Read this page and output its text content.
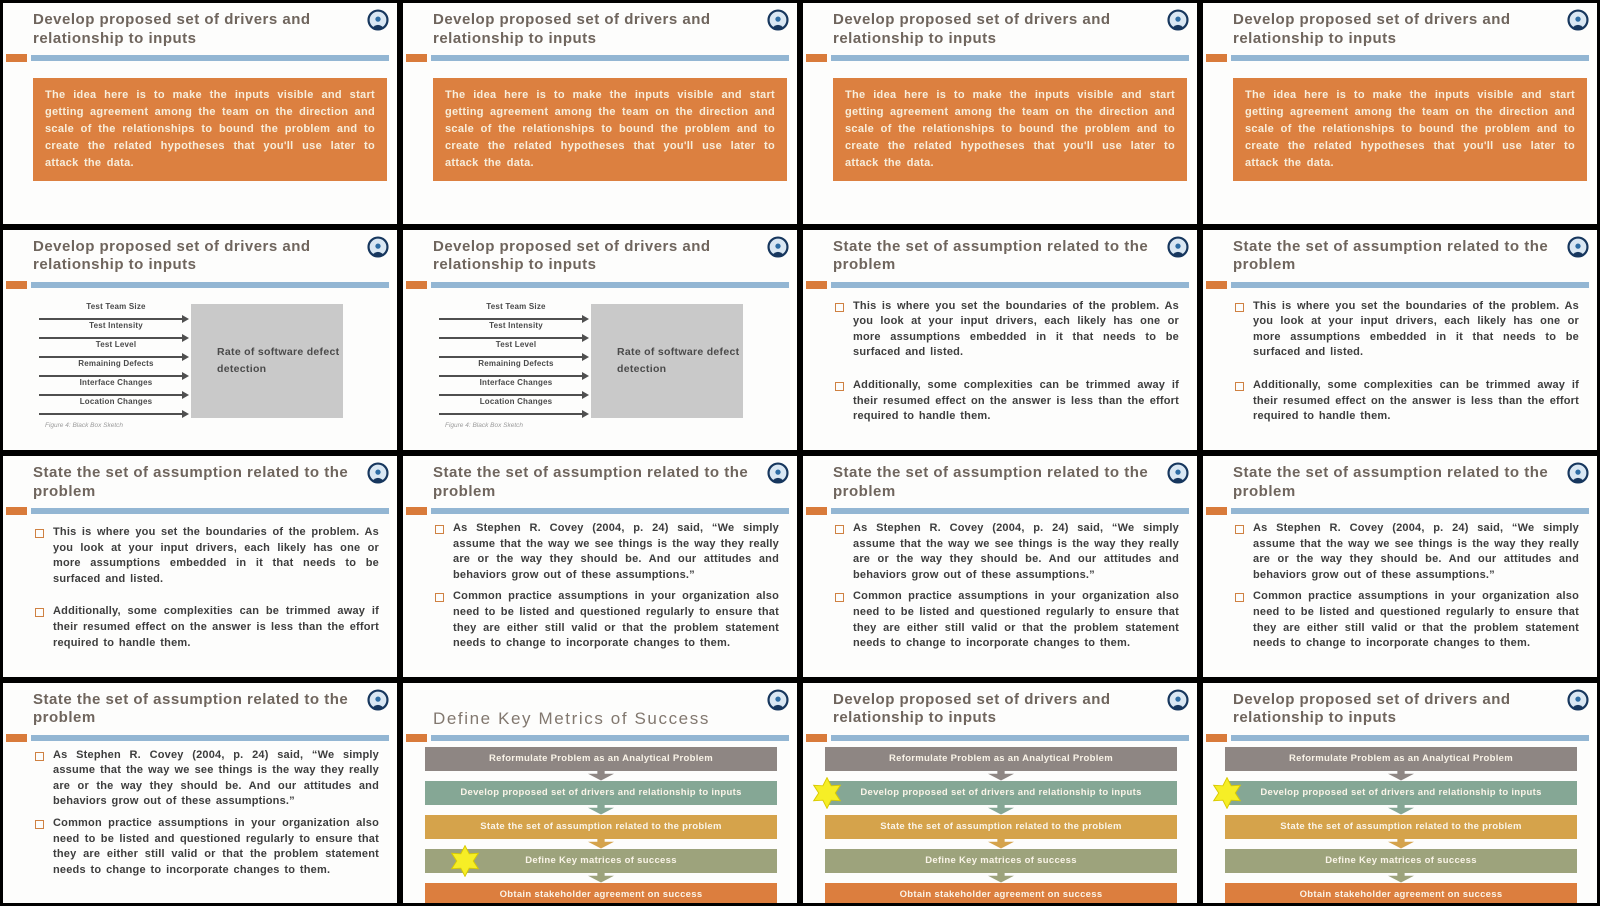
Develop proposed set of drivers and relationship to inputs

The idea here is to make the inputs visible and start getting agreement among the team on the direction and scale of the relationships to bound the problem and to create the related hypotheses that you'll use later to attack the data.

Develop proposed set of drivers and relationship to inputs

The idea here is to make the inputs visible and start getting agreement among the team on the direction and scale of the relationships to bound the problem and to create the related hypotheses that you'll use later to attack the data.

Develop proposed set of drivers and relationship to inputs

The idea here is to make the inputs visible and start getting agreement among the team on the direction and scale of the relationships to bound the problem and to create the related hypotheses that you'll use later to attack the data.

Develop proposed set of drivers and relationship to inputs

The idea here is to make the inputs visible and start getting agreement among the team on the direction and scale of the relationships to bound the problem and to create the related hypotheses that you'll use later to attack the data.

Develop proposed set of drivers and relationship to inputs
Test Team Size
Test Intensity
Test Level
Remaining Defects
Interface Changes
Location Changes
Rate of software defect detection
Figure 4: Black Box Sketch
Develop proposed set of drivers and relationship to inputs
Test Team Size
Test Intensity
Test Level
Remaining Defects
Interface Changes
Location Changes
Rate of software defect detection
Figure 4: Black Box Sketch
State the set of assumption related to the problem

This is where you set the boundaries of the problem. As you look at your input drivers, each likely has one or more assumptions embedded in it that needs to be surfaced and listed.

Additionally, some complexities can be trimmed away if their resumed effect on the answer is less than the effort required to handle them.

State the set of assumption related to the problem

This is where you set the boundaries of the problem. As you look at your input drivers, each likely has one or more assumptions embedded in it that needs to be surfaced and listed.

Additionally, some complexities can be trimmed away if their resumed effect on the answer is less than the effort required to handle them.

State the set of assumption related to the problem

This is where you set the boundaries of the problem. As you look at your input drivers, each likely has one or more assumptions embedded in it that needs to be surfaced and listed.

Additionally, some complexities can be trimmed away if their resumed effect on the answer is less than the effort required to handle them.

State the set of assumption related to the problem

As Stephen R. Covey (2004, p. 24) said, “We simply assume that the way we see things is the way they really are or the way they should be. And our attitudes and behaviors grow out of these assumptions.”

Common practice assumptions in your organization also need to be listed and questioned regularly to ensure that they are either still valid or that the problem statement needs to change to incorporate changes to them.

State the set of assumption related to the problem

As Stephen R. Covey (2004, p. 24) said, “We simply assume that the way we see things is the way they really are or the way they should be. And our attitudes and behaviors grow out of these assumptions.”

Common practice assumptions in your organization also need to be listed and questioned regularly to ensure that they are either still valid or that the problem statement needs to change to incorporate changes to them.

State the set of assumption related to the problem

As Stephen R. Covey (2004, p. 24) said, “We simply assume that the way we see things is the way they really are or the way they should be. And our attitudes and behaviors grow out of these assumptions.”

Common practice assumptions in your organization also need to be listed and questioned regularly to ensure that they are either still valid or that the problem statement needs to change to incorporate changes to them.

State the set of assumption related to the problem

As Stephen R. Covey (2004, p. 24) said, “We simply assume that the way we see things is the way they really are or the way they should be. And our attitudes and behaviors grow out of these assumptions.”

Common practice assumptions in your organization also need to be listed and questioned regularly to ensure that they are either still valid or that the problem statement needs to change to incorporate changes to them.

Define Key Metrics of Success
Reformulate Problem as an Analytical Problem
Develop proposed set of drivers and relationship to inputs
State the set of assumption related to the problem
Define Key matrices of success
Obtain stakeholder agreement on success
Develop proposed set of drivers and relationship to inputs
Reformulate Problem as an Analytical Problem
Develop proposed set of drivers and relationship to inputs
State the set of assumption related to the problem
Define Key matrices of success
Obtain stakeholder agreement on success
Develop proposed set of drivers and relationship to inputs
Reformulate Problem as an Analytical Problem
Develop proposed set of drivers and relationship to inputs
State the set of assumption related to the problem
Define Key matrices of success
Obtain stakeholder agreement on success
